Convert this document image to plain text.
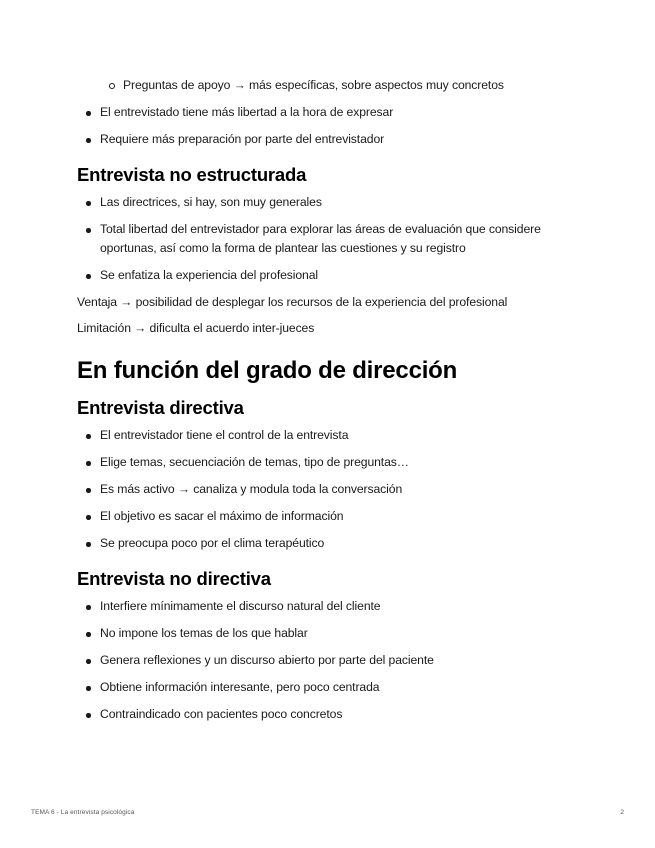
Preguntas de apoyo → más específicas, sobre aspectos muy concretos
El entrevistado tiene más libertad a la hora de expresar
Requiere más preparación por parte del entrevistador
Entrevista no estructurada
Las directrices, si hay, son muy generales
Total libertad del entrevistador para explorar las áreas de evaluación que considere oportunas, así como la forma de plantear las cuestiones y su registro
Se enfatiza la experiencia del profesional

Ventaja → posibilidad de desplegar los recursos de la experiencia del profesional

Limitación → dificulta el acuerdo inter-jueces

En función del grado de dirección
Entrevista directiva
El entrevistador tiene el control de la entrevista
Elige temas, secuenciación de temas, tipo de preguntas…
Es más activo → canaliza y modula toda la conversación
El objetivo es sacar el máximo de información
Se preocupa poco por el clima terapéutico
Entrevista no directiva
Interfiere mínimamente el discurso natural del cliente
No impone los temas de los que hablar
Genera reflexiones y un discurso abierto por parte del paciente
Obtiene información interesante, pero poco centrada
Contraindicado con pacientes poco concretos
TEMA 6 - La entrevista psicológica	2
